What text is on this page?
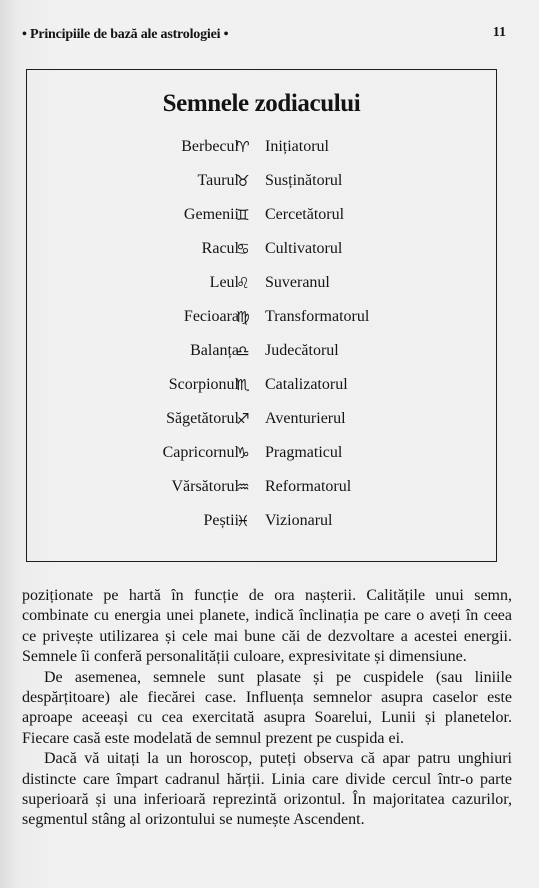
• Principiile de bază ale astrologiei •	11
Semnele zodiacului
Berbecul
♈︎ Inițiatorul
Taurul
♉︎ Susținătorul
Gemenii
♊︎ Cercetătorul
Racul
♋︎ Cultivatorul
Leul
♌︎ Suveranul
Fecioara
♍︎ Transformatorul
Balanța
♎︎ Judecătorul
Scorpionul
♏︎ Catalizatorul
Săgetătorul
♐︎ Aventurierul
Capricornul
♑︎ Pragmaticul
Vărsătorul
♒︎ Reformatorul
Peștii
♓︎ Vizionarul

poziționate pe hartă în funcție de ora nașterii. Calitățile unui semn, combinate cu energia unei planete, indică înclinația pe care o aveți în ceea ce privește utilizarea și cele mai bune căi de dezvoltare a acestei energii. Semnele îi conferă personalității culoare, expresivitate și dimensiune.

De asemenea, semnele sunt plasate și pe cuspidele (sau liniile despărțitoare) ale fiecărei case. Influența semnelor asupra caselor este aproape aceeași cu cea exercitată asupra Soarelui, Lunii și planetelor. Fiecare casă este modelată de semnul prezent pe cuspida ei.

Dacă vă uitați la un horoscop, puteți observa că apar patru unghiuri distincte care împart cadranul hărții. Linia care divide cercul într-o parte superioară și una inferioară reprezintă orizontul. În majoritatea cazurilor, segmentul stâng al orizontului se numește Ascendent.
